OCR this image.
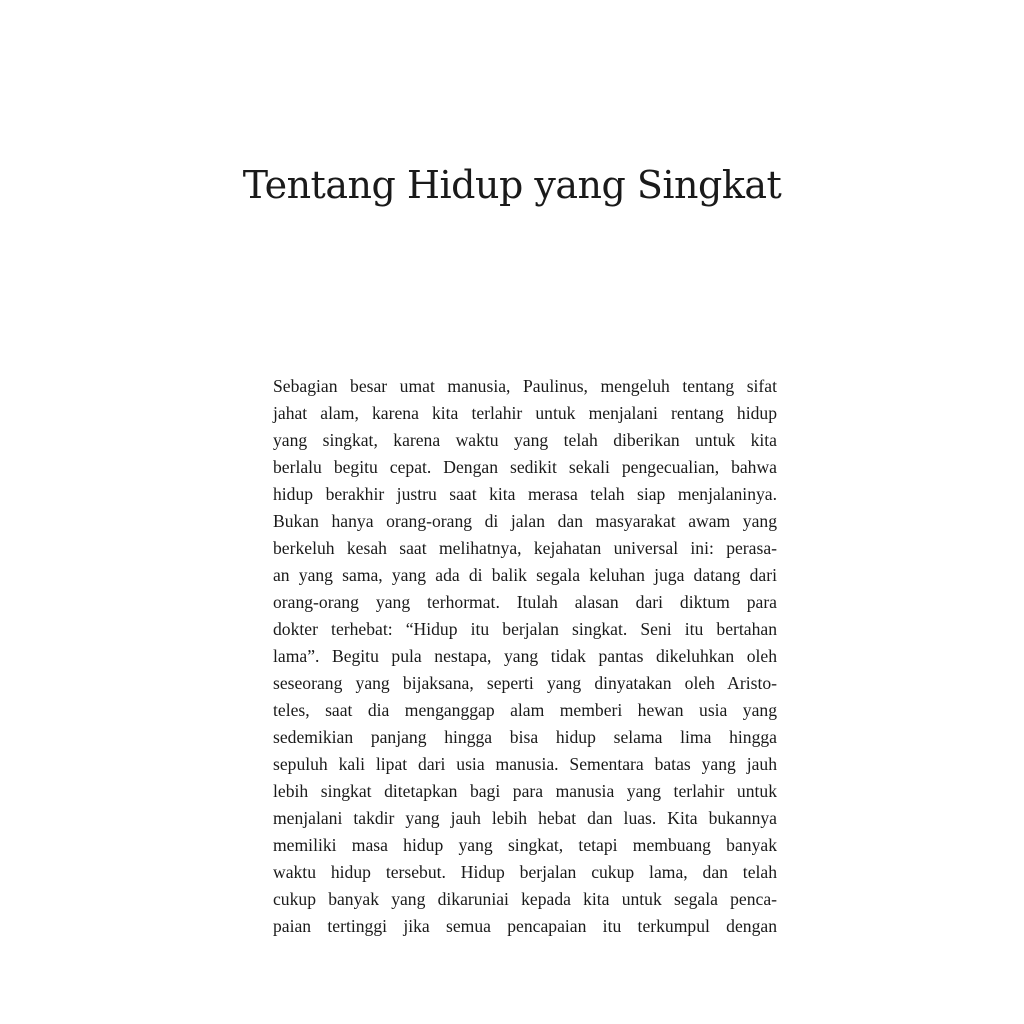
Tentang Hidup yang Singkat
Sebagian besar umat manusia, Paulinus, mengeluh tentang sifat
jahat alam, karena kita terlahir untuk menjalani rentang hidup
yang singkat, karena waktu yang telah diberikan untuk kita
berlalu begitu cepat. Dengan sedikit sekali pengecualian, bahwa
hidup berakhir justru saat kita merasa telah siap menjalaninya.
Bukan hanya orang-orang di jalan dan masyarakat awam yang
berkeluh kesah saat melihatnya, kejahatan universal ini: perasa-
an yang sama, yang ada di balik segala keluhan juga datang dari
orang-orang yang terhormat. Itulah alasan dari diktum para
dokter terhebat: “Hidup itu berjalan singkat. Seni itu bertahan
lama”. Begitu pula nestapa, yang tidak pantas dikeluhkan oleh
seseorang yang bijaksana, seperti yang dinyatakan oleh Aristo-
teles, saat dia menganggap alam memberi hewan usia yang
sedemikian panjang hingga bisa hidup selama lima hingga
sepuluh kali lipat dari usia manusia. Sementara batas yang jauh
lebih singkat ditetapkan bagi para manusia yang terlahir untuk
menjalani takdir yang jauh lebih hebat dan luas. Kita bukannya
memiliki masa hidup yang singkat, tetapi membuang banyak
waktu hidup tersebut. Hidup berjalan cukup lama, dan telah
cukup banyak yang dikaruniai kepada kita untuk segala penca-
paian tertinggi jika semua pencapaian itu terkumpul dengan
